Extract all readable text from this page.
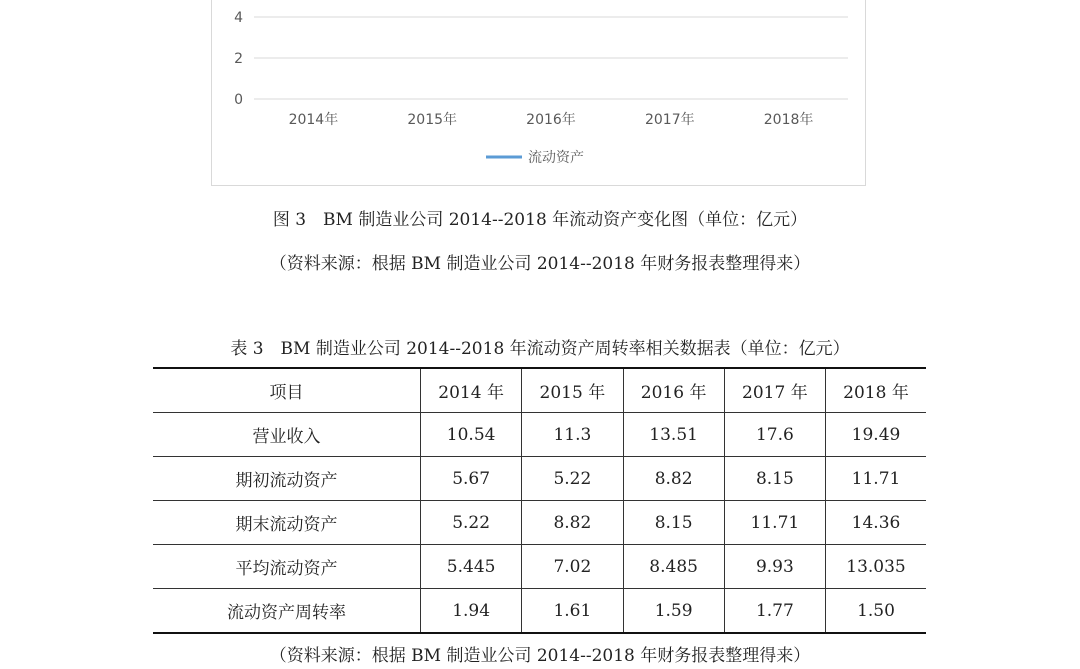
0
2
4
2014年	2015年	2016年	2017年	2018年
流动资产
图 3　BM 制造业公司 2014--2018 年流动资产变化图（单位：亿元）
（资料来源：根据 BM 制造业公司 2014--2018 年财务报表整理得来）
表 3　BM 制造业公司 2014--2018 年流动资产周转率相关数据表（单位：亿元）
项目	2014 年	2015 年	2016 年	2017 年	2018 年
营业收入	10.54	11.3	13.51	17.6	19.49
期初流动资产	5.67	5.22	8.82	8.15	11.71
期末流动资产	5.22	8.82	8.15	11.71	14.36
平均流动资产	5.445	7.02	8.485	9.93	13.035
流动资产周转率	1.94	1.61	1.59	1.77	1.50
（资料来源：根据 BM 制造业公司 2014--2018 年财务报表整理得来）
